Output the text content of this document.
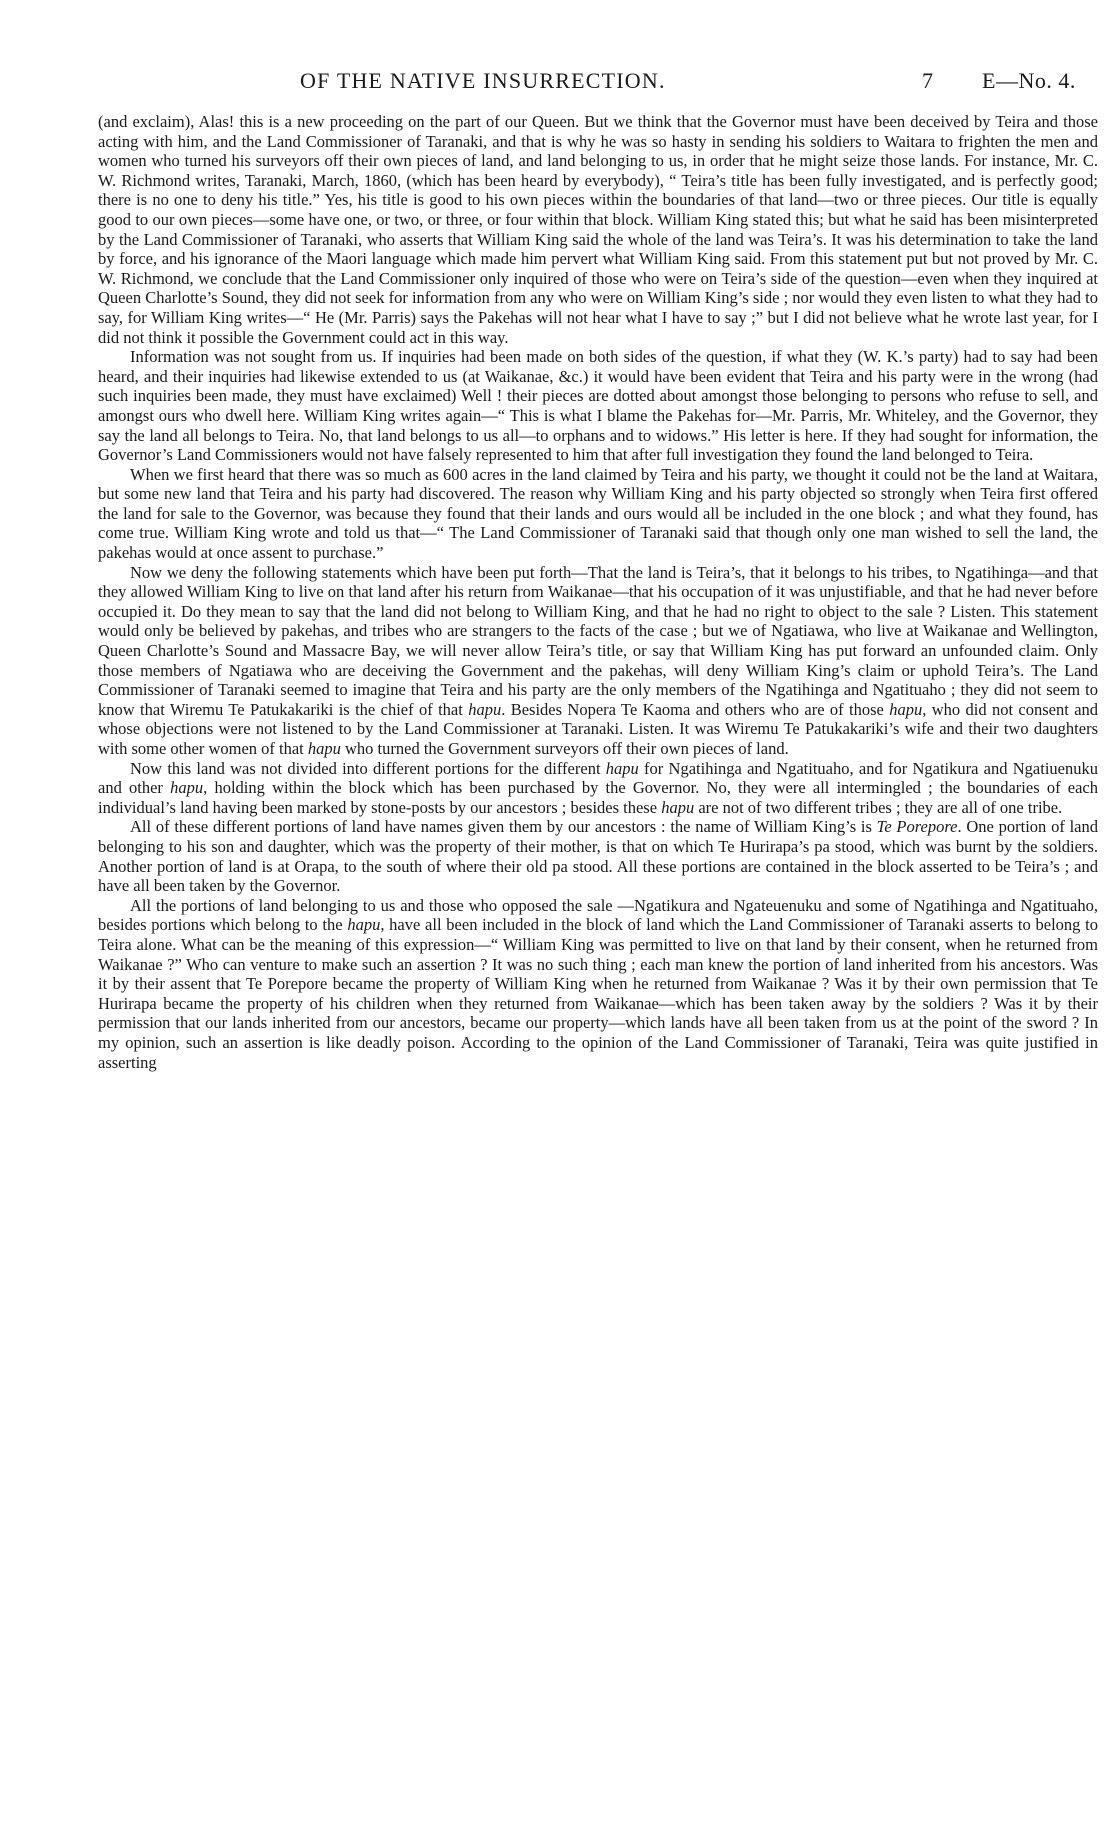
OF THE NATIVE INSURRECTION.	7 E—No. 4.

(and exclaim), Alas! this is a new proceeding on the part of our Queen. But we think that the Governor must have been deceived by Teira and those acting with him, and the Land Commissioner of Taranaki, and that is why he was so hasty in sending his soldiers to Waitara to frighten the men and women who turned his surveyors off their own pieces of land, and land belonging to us, in order that he might seize those lands. For instance, Mr. C. W. Richmond writes, Taranaki, March, 1860, (which has been heard by everybody), “ Teira’s title has been fully investigated, and is perfectly good; there is no one to deny his title.” Yes, his title is good to his own pieces within the boundaries of that land—two or three pieces. Our title is equally good to our own pieces—some have one, or two, or three, or four within that block. William King stated this; but what he said has been misinterpreted by the Land Commissioner of Taranaki, who asserts that William King said the whole of the land was Teira’s. It was his determination to take the land by force, and his ignorance of the Maori language which made him pervert what William King said. From this statement put but not proved by Mr. C. W. Richmond, we conclude that the Land Commissioner only inquired of those who were on Teira’s side of the question—even when they inquired at Queen Charlotte’s Sound, they did not seek for information from any who were on William King’s side ; nor would they even listen to what they had to say, for William King writes—“ He (Mr. Parris) says the Pakehas will not hear what I have to say ;” but I did not believe what he wrote last year, for I did not think it possible the Government could act in this way.

Information was not sought from us. If inquiries had been made on both sides of the question, if what they (W. K.’s party) had to say had been heard, and their inquiries had likewise extended to us (at Waikanae, &c.) it would have been evident that Teira and his party were in the wrong (had such inquiries been made, they must have exclaimed) Well ! their pieces are dotted about amongst those belonging to persons who refuse to sell, and amongst ours who dwell here. William King writes again—“ This is what I blame the Pakehas for—Mr. Parris, Mr. Whiteley, and the Governor, they say the land all belongs to Teira. No, that land belongs to us all—to orphans and to widows.” His letter is here. If they had sought for information, the Governor’s Land Commissioners would not have falsely represented to him that after full investigation they found the land belonged to Teira.

When we first heard that there was so much as 600 acres in the land claimed by Teira and his party, we thought it could not be the land at Waitara, but some new land that Teira and his party had discovered. The reason why William King and his party objected so strongly when Teira first offered the land for sale to the Governor, was because they found that their lands and ours would all be included in the one block ; and what they found, has come true. William King wrote and told us that—“ The Land Commissioner of Taranaki said that though only one man wished to sell the land, the pakehas would at once assent to purchase.”

Now we deny the following statements which have been put forth—That the land is Teira’s, that it belongs to his tribes, to Ngatihinga—and that they allowed William King to live on that land after his return from Waikanae—that his occupation of it was unjustifiable, and that he had never before occupied it. Do they mean to say that the land did not belong to William King, and that he had no right to object to the sale ? Listen. This statement would only be believed by pakehas, and tribes who are strangers to the facts of the case ; but we of Ngatiawa, who live at Waikanae and Wellington, Queen Charlotte’s Sound and Massacre Bay, we will never allow Teira’s title, or say that William King has put forward an unfounded claim. Only those members of Ngatiawa who are deceiving the Government and the pakehas, will deny William King’s claim or uphold Teira’s. The Land Commissioner of Taranaki seemed to imagine that Teira and his party are the only members of the Ngatihinga and Ngatituaho ; they did not seem to know that Wiremu Te Patukakariki is the chief of that hapu. Besides Nopera Te Kaoma and others who are of those hapu, who did not consent and whose objections were not listened to by the Land Commissioner at Taranaki. Listen. It was Wiremu Te Patukakariki’s wife and their two daughters with some other women of that hapu who turned the Government surveyors off their own pieces of land.

Now this land was not divided into different portions for the different hapu for Ngatihinga and Ngatituaho, and for Ngatikura and Ngatiuenuku and other hapu, holding within the block which has been purchased by the Governor. No, they were all intermingled ; the boundaries of each individual’s land having been marked by stone-posts by our ancestors ; besides these hapu are not of two different tribes ; they are all of one tribe.

All of these different portions of land have names given them by our ancestors : the name of William King’s is Te Porepore. One portion of land belonging to his son and daughter, which was the property of their mother, is that on which Te Hurirapa’s pa stood, which was burnt by the soldiers. Another portion of land is at Orapa, to the south of where their old pa stood. All these portions are contained in the block asserted to be Teira’s ; and have all been taken by the Governor.

All the portions of land belonging to us and those who opposed the sale —Ngatikura and Ngateuenuku and some of Ngatihinga and Ngatituaho, besides portions which belong to the hapu, have all been included in the block of land which the Land Commissioner of Taranaki asserts to belong to Teira alone. What can be the meaning of this expression—“ William King was permitted to live on that land by their consent, when he returned from Waikanae ?” Who can venture to make such an assertion ? It was no such thing ; each man knew the portion of land inherited from his ancestors. Was it by their assent that Te Porepore became the property of William King when he returned from Waikanae ? Was it by their own permission that Te Hurirapa became the property of his children when they returned from Waikanae—which has been taken away by the soldiers ? Was it by their permission that our lands inherited from our ancestors, became our property—which lands have all been taken from us at the point of the sword ? In my opinion, such an assertion is like deadly poison. According to the opinion of the Land Commissioner of Taranaki, Teira was quite justified in asserting
